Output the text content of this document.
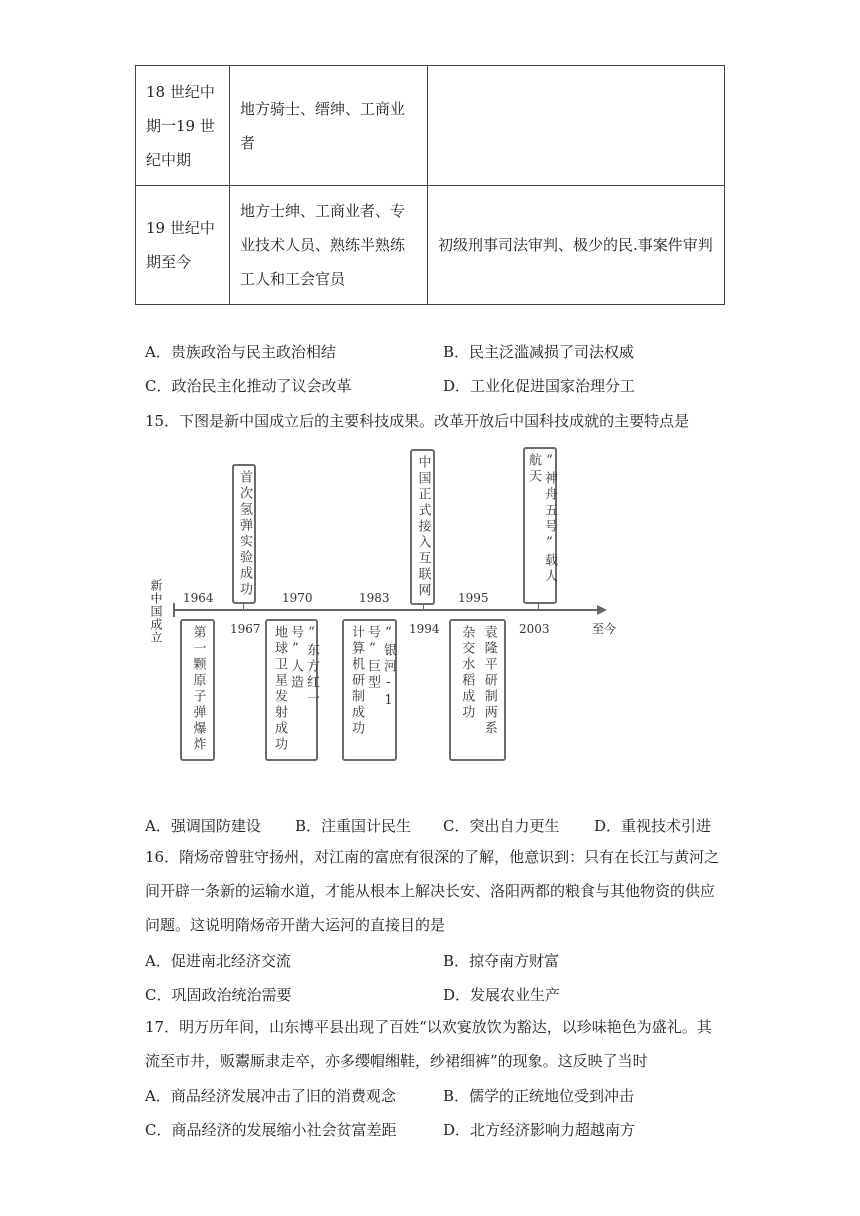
18 世纪中期一19 世纪中期	地方骑士、缙绅、工商业者	

19 世纪中期至今	地方士绅、工商业者、专业技术人员、熟练半熟练工人和工会官员	初级刑事司法审判、极少的民.事案件审判
A．贵族政治与民主政治相结	B．民主泛滥减损了司法权威
C．政治民主化推动了议会改革	D．工业化促进国家治理分工
15．下图是新中国成立后的主要科技成果。改革开放后中国科技成就的主要特点是
新中国成立	至今
1964	1970	1983	1995
1967	1994	2003
首次氢弹实验成功	中国正式接入互联网	“神舟五号”载人航天
第一颗原子弹爆炸	“东方红一号”人造
地球卫星发射成功	“银河-1号”巨型
计算机研制成功	袁隆平研制两系
杂交水稻成功
A．强调国防建设 B．注重国计民生 C．突出自力更生 D．重视技术引进
16．隋炀帝曾驻守扬州，对江南的富庶有很深的了解，他意识到：只有在长江与黄河之
间开辟一条新的运输水道，才能从根本上解决长安、洛阳两都的粮食与其他物资的供应
问题。这说明隋炀帝开凿大运河的直接目的是
A．促进南北经济交流	B．掠夺南方财富
C．巩固政治统治需要	D．发展农业生产
17．明万历年间，山东博平县出现了百姓“以欢宴放饮为豁达，以珍味艳色为盛礼。其
流至市井，贩鬻厮隶走卒，亦多缨帽缃鞋，纱裙细裤”的现象。这反映了当时
A．商品经济发展冲击了旧的消费观念	B．儒学的正统地位受到冲击
C．商品经济的发展缩小社会贫富差距	D．北方经济影响力超越南方
